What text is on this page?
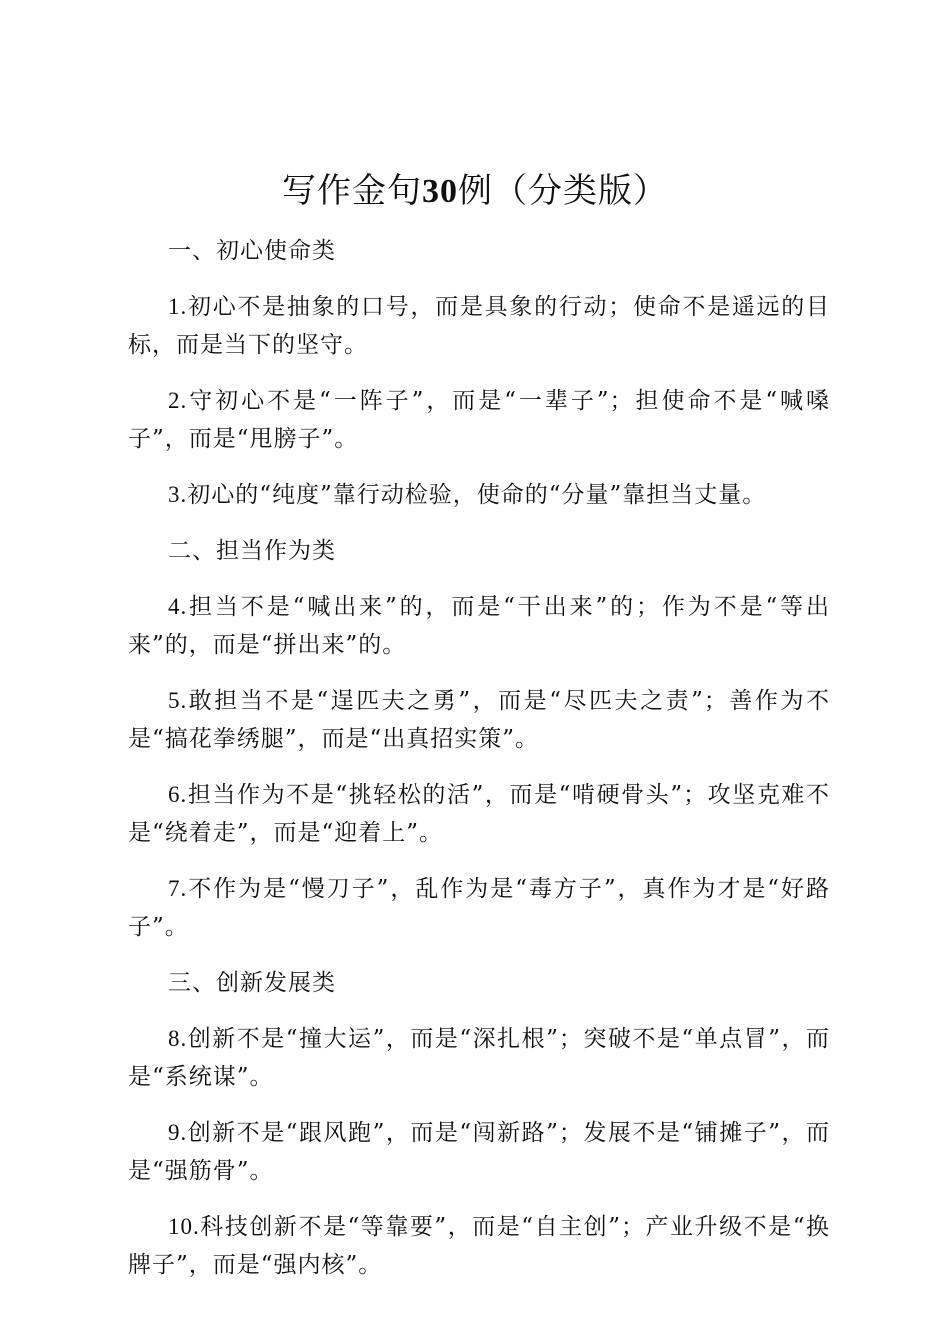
写作金句30例（分类版）

一、初心使命类

1.初心不是抽象的口号，而是具象的行动；使命不是遥远的目标，而是当下的坚守。

2.守初心不是“一阵子”，而是“一辈子”；担使命不是“喊嗓子”，而是“甩膀子”。

3.初心的“纯度”靠行动检验，使命的“分量”靠担当丈量。

二、担当作为类

4.担当不是“喊出来”的，而是“干出来”的；作为不是“等出来”的，而是“拼出来”的。

5.敢担当不是“逞匹夫之勇”，而是“尽匹夫之责”；善作为不是“搞花拳绣腿”，而是“出真招实策”。

6.担当作为不是“挑轻松的活”，而是“啃硬骨头”；攻坚克难不是“绕着走”，而是“迎着上”。

7.不作为是“慢刀子”，乱作为是“毒方子”，真作为才是“好路子”。

三、创新发展类

8.创新不是“撞大运”，而是“深扎根”；突破不是“单点冒”，而是“系统谋”。

9.创新不是“跟风跑”，而是“闯新路”；发展不是“铺摊子”，而是“强筋骨”。

10.科技创新不是“等靠要”，而是“自主创”；产业升级不是“换牌子”，而是“强内核”。
